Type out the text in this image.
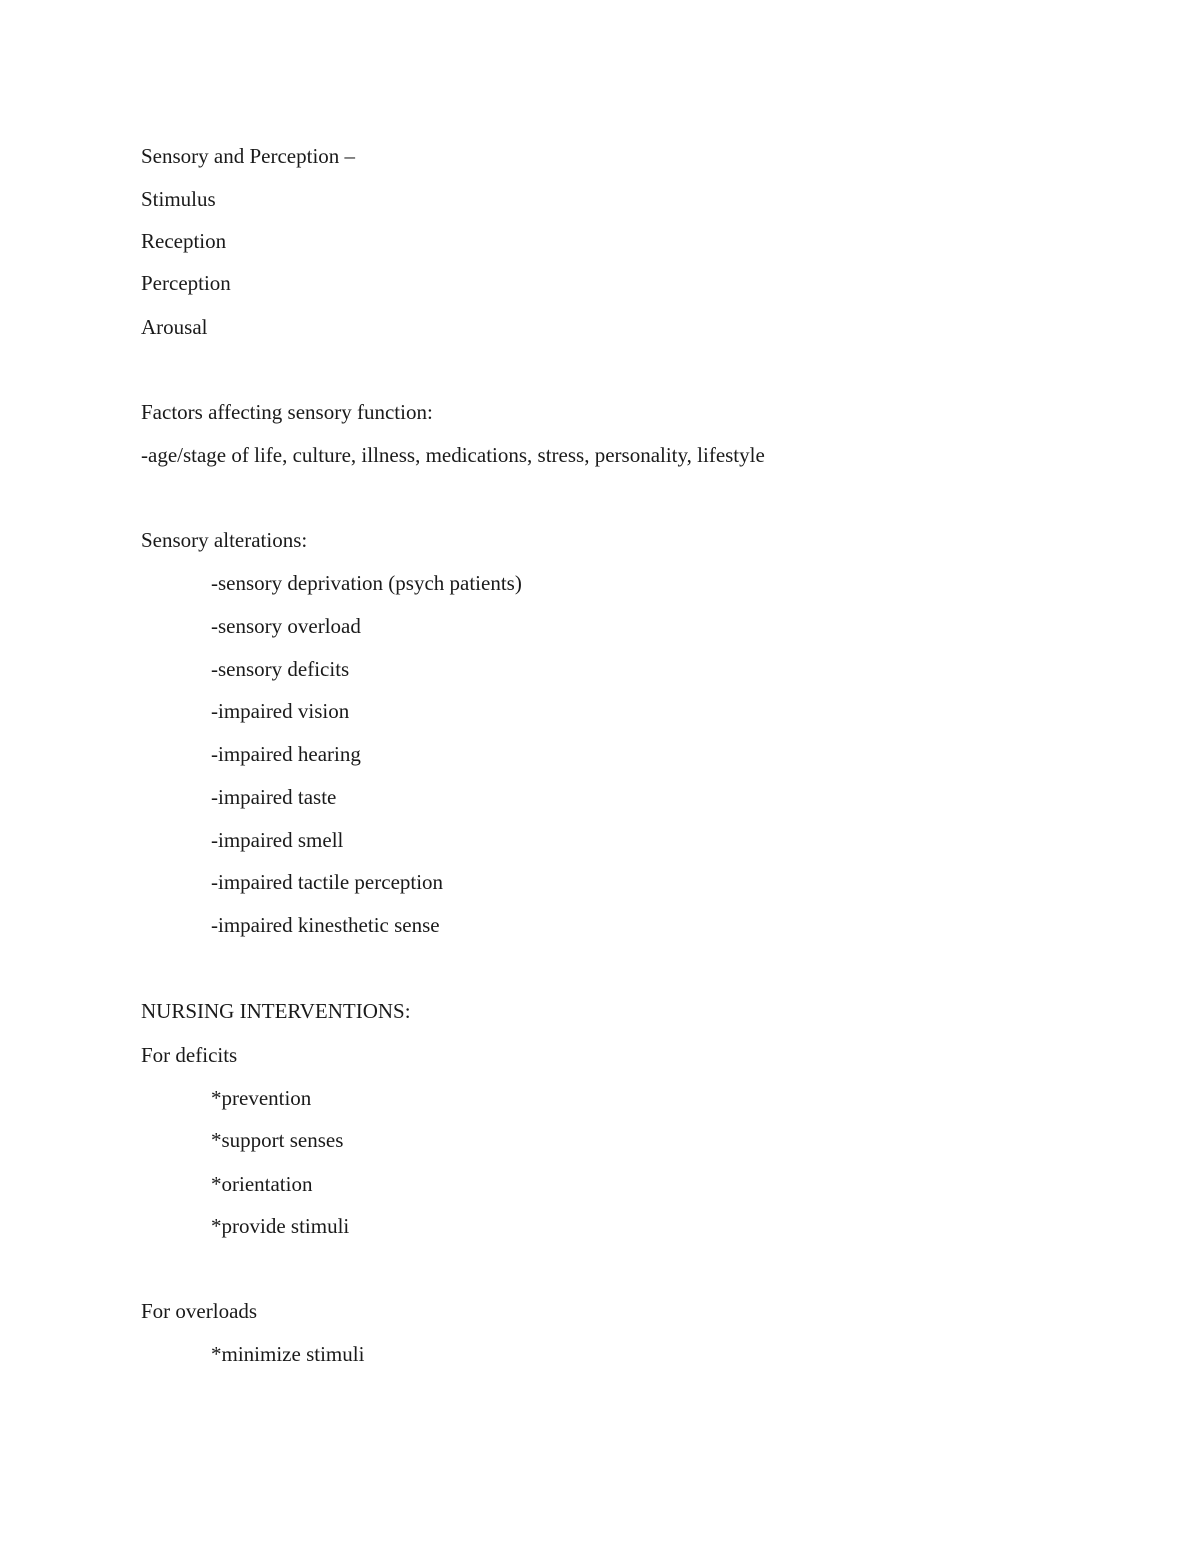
Sensory and Perception –
Stimulus
Reception
Perception
Arousal
Factors affecting sensory function:
-age/stage of life, culture, illness, medications, stress, personality, lifestyle
Sensory alterations:
-sensory deprivation (psych patients)
-sensory overload
-sensory deficits
-impaired vision
-impaired hearing
-impaired taste
-impaired smell
-impaired tactile perception
-impaired kinesthetic sense
NURSING INTERVENTIONS:
For deficits
*prevention
*support senses
*orientation
*provide stimuli
For overloads
*minimize stimuli
